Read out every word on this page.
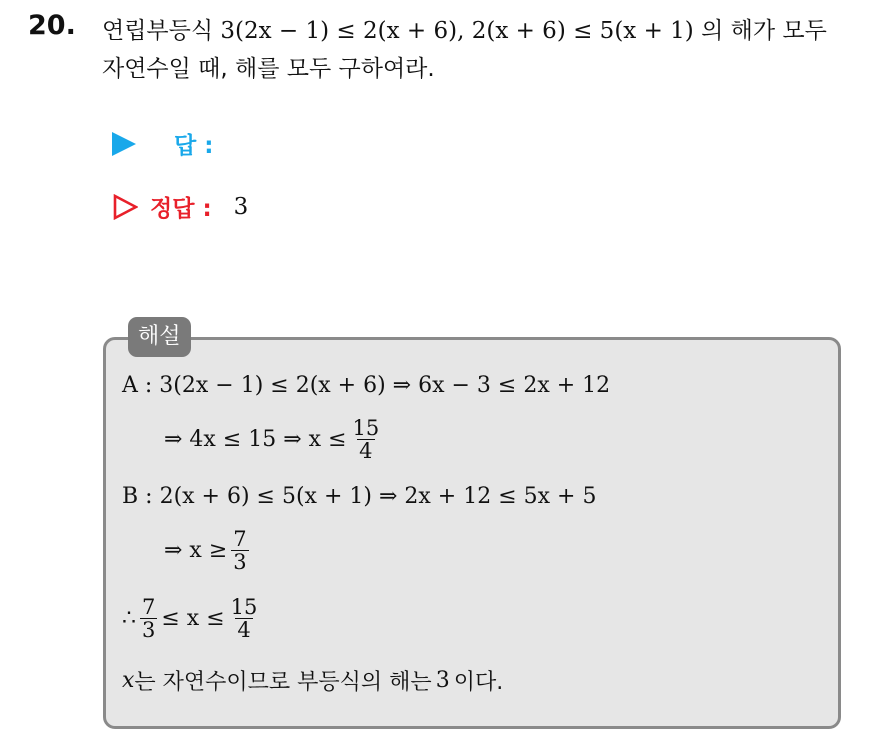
20. 연립부등식 3(2x − 1) ≤ 2(x + 6), 2(x + 6) ≤ 5(x + 1) 의 해가 모두
자연수일 때, 해를 모두 구하여라.
답 :
정답 : 3
해설
A : 3(2x − 1) ≤ 2(x + 6) ⇒ 6x − 3 ≤ 2x + 12
⇒ 4x ≤ 15 ⇒ $x \le \frac{15}{4}$
B : 2(x + 6) ≤ 5(x + 1) ⇒ 2x + 12 ≤ 5x + 5
⇒ $x \ge \frac{7}{3}$
∴ $\frac{7}{3} \le x \le \frac{15}{4}$
x 는 자연수이므로 부등식의 해는 3 이다.
